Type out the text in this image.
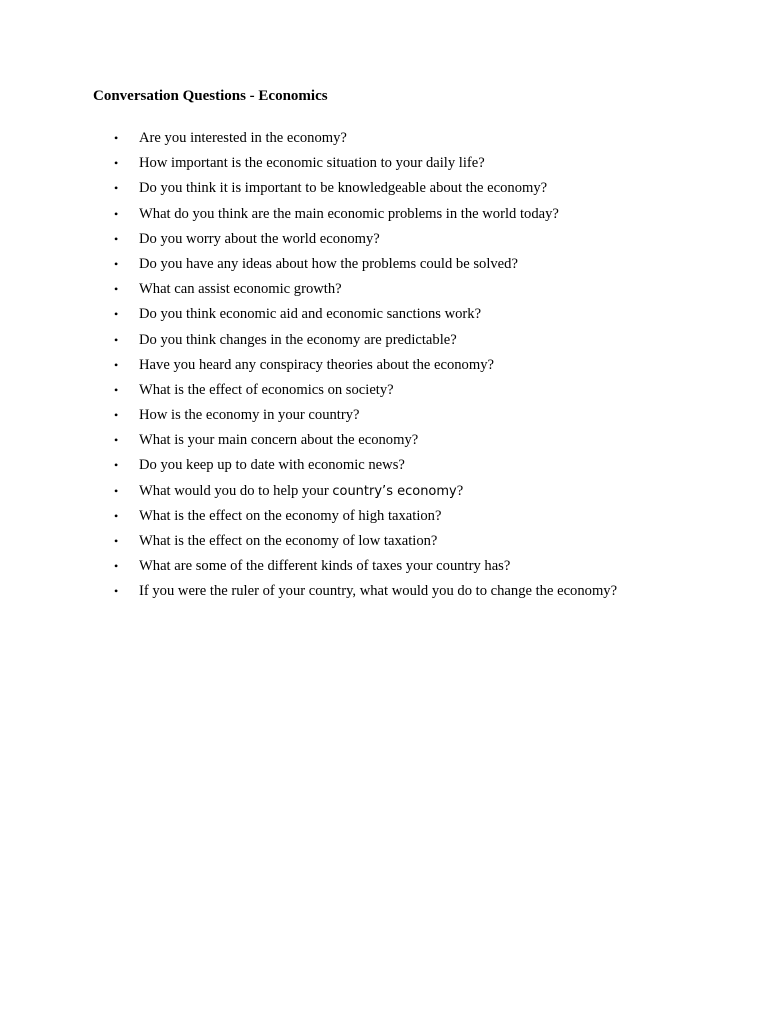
Conversation Questions - Economics
•	Are you interested in the economy?
•	How important is the economic situation to your daily life?
•	Do you think it is important to be knowledgeable about the economy?
•	What do you think are the main economic problems in the world today?
•	Do you worry about the world economy?
•	Do you have any ideas about how the problems could be solved?
•	What can assist economic growth?
•	Do you think economic aid and economic sanctions work?
•	Do you think changes in the economy are predictable?
•	Have you heard any conspiracy theories about the economy?
•	What is the effect of economics on society?
•	How is the economy in your country?
•	What is your main concern about the economy?
•	Do you keep up to date with economic news?
•	What would you do to help your country’s economy?
•	What is the effect on the economy of high taxation?
•	What is the effect on the economy of low taxation?
•	What are some of the different kinds of taxes your country has?
•	If you were the ruler of your country, what would you do to change the economy?
